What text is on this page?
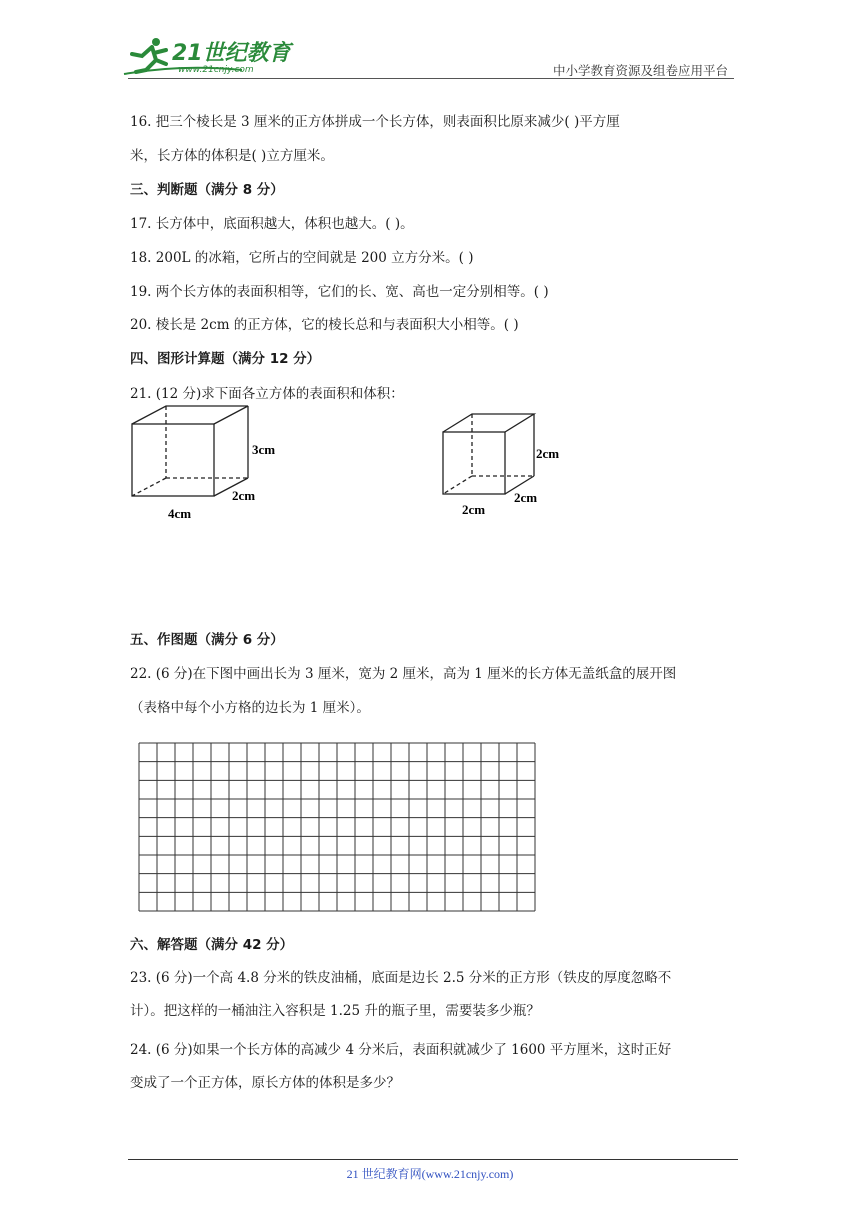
21世纪教育
www.21cnjy.com	中小学教育资源及组卷应用平台
16. 把三个棱长是 3 厘米的正方体拼成一个长方体，则表面积比原来减少( )平方厘
米，长方体的体积是( )立方厘米。
三、判断题（满分 8 分）
17. 长方体中，底面积越大，体积也越大。( )。
18. 200L 的冰箱，它所占的空间就是 200 立方分米。( )
19. 两个长方体的表面积相等，它们的长、宽、高也一定分别相等。( )
20. 棱长是 2cm 的正方体，它的棱长总和与表面积大小相等。( )
四、图形计算题（满分 12 分）
21. (12 分)求下面各立方体的表面积和体积：
3cm
2cm
4cm
2cm
2cm
2cm
五、作图题（满分 6 分）
22. (6 分)在下图中画出长为 3 厘米，宽为 2 厘米，高为 1 厘米的长方体无盖纸盒的展开图
（表格中每个小方格的边长为 1 厘米）。
六、解答题（满分 42 分）
23. (6 分)一个高 4.8 分米的铁皮油桶，底面是边长 2.5 分米的正方形（铁皮的厚度忽略不
计）。把这样的一桶油注入容积是 1.25 升的瓶子里，需要装多少瓶？
24. (6 分)如果一个长方体的高减少 4 分米后，表面积就减少了 1600 平方厘米，这时正好
变成了一个正方体，原长方体的体积是多少？
21 世纪教育网(www.21cnjy.com)
